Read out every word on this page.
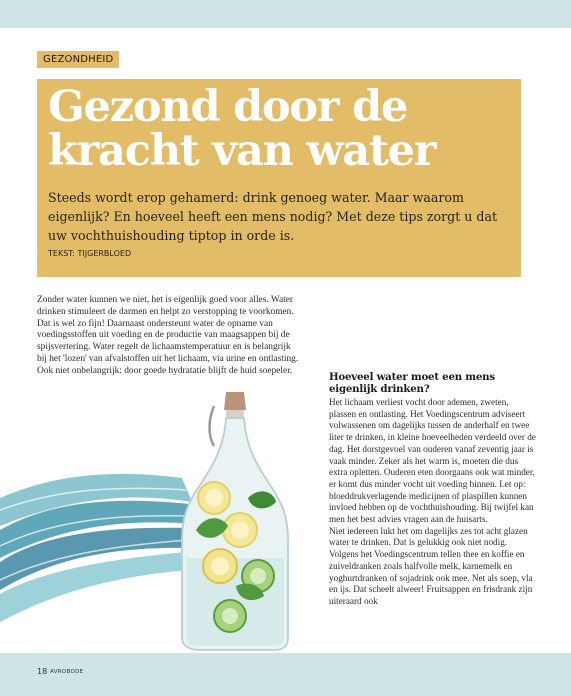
GEZONDHEID
Gezond door de
kracht van water

Steeds wordt erop gehamerd: drink genoeg water. Maar waarom eigenlijk? En hoeveel heeft een mens nodig? Met deze tips zorgt u dat uw vochthuishouding tiptop in orde is.

TEKST: TIJGERBLOED

Zonder water kunnen we niet, het is eigenlijk goed voor alles. Water drinken stimuleert de darmen en helpt zo verstopping te voorkomen. Dat is wel zo fijn! Daarnaast ondersteunt water de opname van voedingsstoffen uit voeding en de productie van maagsappen bij de spijsvertering. Water regelt de lichaamstemperatuur en is belangrijk bij het 'lozen' van afvalstoffen uit het lichaam, via urine en ontlasting. Ook niet onbelangrijk: door goede hydratatie blijft de huid soepeler.

Hoeveel water moet een mens eigenlijk drinken?
Het lichaam verliest vocht door ademen, zweten, plassen en ontlasting. Het Voedingscentrum adviseert volwassenen om dagelijks tussen de anderhalf en twee liter te drinken, in kleine hoeveelheden verdeeld over de dag. Het dorstgevoel van ouderen vanaf zeventig jaar is vaak minder. Zeker als het warm is, moeten die dus extra opletten. Ouderen eten doorgaans ook wat minder, er komt dus minder vocht uit voeding binnen. Let op: bloeddrukverlagende medicijnen of plaspillen kunnen invloed hebben op de vochthuishouding. Bij twijfel kan men het best advies vragen aan de huisarts.
Niet iedereen lukt het om dagelijks zes tot acht glazen water te drinken. Dat is gelukkig ook niet nodig. Volgens het Voedingscentrum tellen thee en koffie en zuiveldranken zoals halfvolle melk, karnemelk en yoghurtdranken of sojadrink ook mee. Net als soep, vla en ijs. Dat scheelt alweer! Fruitsappen en frisdrank zijn uiteraard ook
18 AVROBODE
